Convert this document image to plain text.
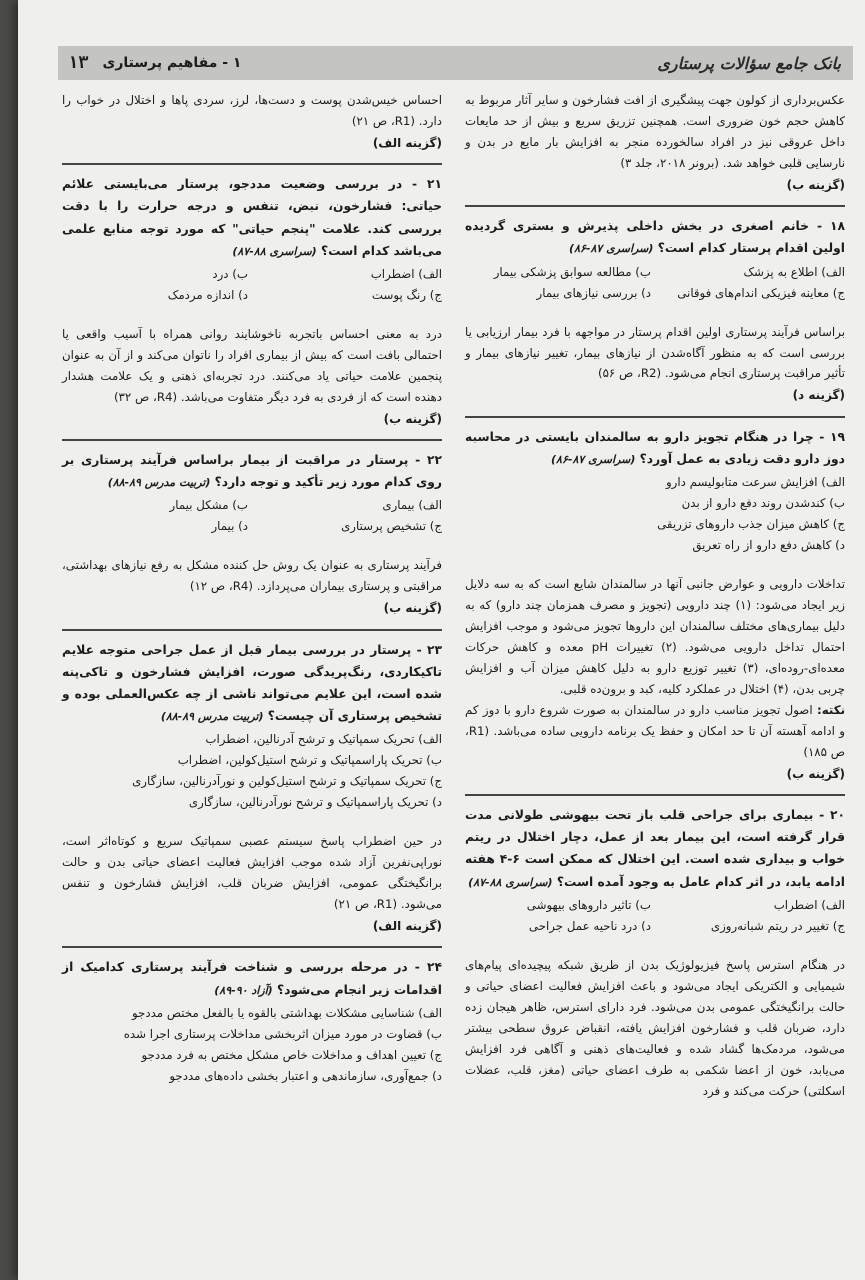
بانک جامع سؤالات پرستاری
۱ - مفاهیم پرستاری
۱۳

عکس‌برداری از کولون جهت پیشگیری از افت فشارخون و سایر آثار مربوط به کاهش حجم خون ضروری است. همچنین تزریق سریع و بیش از حد مایعات داخل عروقی نیز در افراد سالخورده منجر به افزایش بار مایع در بدن و نارسایی قلبی خواهد شد. (برونر ۲۰۱۸، جلد ۳)

(گزینه ب)

۱۸ - خانم اصغری در بخش داخلی پذیرش و بستری گردیده اولین اقدام پرستار کدام است؟ (سراسری ۸۷-۸۶)

الف) اطلاع به پزشک
ب) مطالعه سوابق پزشکی بیمار
ج) معاینه فیزیکی اندام‌های فوقانی
د) بررسی نیازهای بیمار

براساس فرآیند پرستاری اولین اقدام پرستار در مواجهه با فرد بیمار ارزیابی یا بررسی است که به منظور آگاه‌شدن از نیازهای بیمار، تغییر نیازهای بیمار و تأثیر مراقبت پرستاری انجام می‌شود. (R2، ص ۵۶)

(گزینه د)

۱۹ - چرا در هنگام تجویز دارو به سالمندان بایستی در محاسبه دوز دارو دقت زیادی به عمل آورد؟ (سراسری ۸۷-۸۶)

الف) افزایش سرعت متابولیسم دارو
ب) کندشدن روند دفع دارو از بدن
ج) کاهش میزان جذب داروهای تزریقی
د) کاهش دفع دارو از راه تعریق

تداخلات دارویی و عوارض جانبی آنها در سالمندان شایع است که به سه دلایل زیر ایجاد می‌شود: (۱) چند دارویی (تجویز و مصرف همزمان چند دارو) که به دلیل بیماری‌های مختلف سالمندان این داروها تجویز می‌شود و موجب افزایش احتمال تداخل دارویی می‌شود. (۲) تغییرات pH معده و کاهش حرکات معده‌ای-روده‌ای، (۳) تغییر توزیع دارو به دلیل کاهش میزان آب و افزایش چربی بدن، (۴) اختلال در عملکرد کلیه، کبد و برون‌ده قلبی.

نکته: اصول تجویز مناسب دارو در سالمندان به صورت شروع دارو با دوز کم و ادامه آهسته آن تا حد امکان و حفظ یک برنامه دارویی ساده می‌باشد. (R1، ص ۱۸۵)

(گزینه ب)

۲۰ - بیماری برای جراحی قلب باز تحت بیهوشی طولانی مدت قرار گرفته است، این بیمار بعد از عمل، دچار اختلال در ریتم خواب و بیداری شده است. این اختلال که ممکن است ۶-۴ هفته ادامه یابد، در اثر کدام عامل به وجود آمده است؟ (سراسری ۸۸-۸۷)

الف) اضطراب
ب) تاثیر داروهای بیهوشی
ج) تغییر در ریتم شبانه‌روزی
د) درد ناحیه عمل جراحی

در هنگام استرس پاسخ فیزیولوژیک بدن از طریق شبکه پیچیده‌ای پیام‌های شیمیایی و الکتریکی ایجاد می‌شود و باعث افزایش فعالیت اعضای حیاتی و حالت برانگیختگی عمومی بدن می‌شود. فرد دارای استرس، ظاهر هیجان زده دارد، ضربان قلب و فشارخون افزایش یافته، انقباض عروق سطحی بیشتر می‌شود، مردمک‌ها گشاد شده و فعالیت‌های ذهنی و آگاهی فرد افزایش می‌یابد، خون از اعضا شکمی به طرف اعضای حیاتی (مغز، قلب، عضلات اسکلتی) حرکت می‌کند و فرد

احساس خیس‌شدن پوست و دست‌ها، لرز، سردی پاها و اختلال در خواب را دارد. (R1، ص ۲۱)

(گزینه الف)

۲۱ - در بررسی وضعیت مددجو، پرستار می‌بایستی علائم حیاتی: فشارخون، نبض، تنفس و درجه حرارت را با دقت بررسی کند. علامت "پنجم حیاتی" که مورد توجه منابع علمی می‌باشد کدام است؟ (سراسری ۸۸-۸۷)

الف) اضطراب
ب) درد
ج) رنگ پوست
د) اندازه مردمک

درد به معنی احساس باتجربه ناخوشایند روانی همراه با آسیب واقعی یا احتمالی بافت است که بیش از بیماری افراد را ناتوان می‌کند و از آن به عنوان پنجمین علامت حیاتی یاد می‌کنند. درد تجربه‌ای ذهنی و یک علامت هشدار دهنده است که از فردی به فرد دیگر متفاوت می‌باشد. (R4، ص ۳۲)

(گزینه ب)

۲۲ - پرستار در مراقبت از بیمار براساس فرآیند پرستاری بر روی کدام مورد زیر تأکید و توجه دارد؟ (تربیت مدرس ۸۹-۸۸)

الف) بیماری
ب) مشکل بیمار
ج) تشخیص پرستاری
د) بیمار

فرآیند پرستاری به عنوان یک روش حل کننده مشکل به رفع نیازهای بهداشتی، مراقبتی و پرستاری بیماران می‌پردازد. (R4، ص ۱۲)

(گزینه ب)

۲۳ - پرستار در بررسی بیمار قبل از عمل جراحی متوجه علایم تاکیکاردی، رنگ‌پریدگی صورت، افزایش فشارخون و تاکی‌پنه شده است، این علایم می‌تواند ناشی از چه عکس‌العملی بوده و تشخیص پرستاری آن چیست؟ (تربیت مدرس ۸۹-۸۸)

الف) تحریک سمپاتیک و ترشح آدرنالین، اضطراب
ب) تحریک پاراسمپاتیک و ترشح استیل‌کولین، اضطراب
ج) تحریک سمپاتیک و ترشح استیل‌کولین و نورآدرنالین، سازگاری
د) تحریک پاراسمپاتیک و ترشح نورآدرنالین، سازگاری

در حین اضطراب پاسخ سیستم عصبی سمپاتیک سریع و کوتاه‌اثر است، نوراپی‌نفرین آزاد شده موجب افزایش فعالیت اعضای حیاتی بدن و حالت برانگیختگی عمومی، افزایش ضربان قلب، افزایش فشارخون و تنفس می‌شود. (R1، ص ۲۱)

(گزینه الف)

۲۴ - در مرحله بررسی و شناخت فرآیند پرستاری کدامیک از اقدامات زیر انجام می‌شود؟ (آزاد ۹۰-۸۹)

الف) شناسایی مشکلات بهداشتی بالقوه یا بالفعل مختص مددجو
ب) قضاوت در مورد میزان اثربخشی مداخلات پرستاری اجرا شده
ج) تعیین اهداف و مداخلات خاص مشکل مختص به فرد مددجو
د) جمع‌آوری، سازماندهی و اعتبار بخشی داده‌های مددجو
